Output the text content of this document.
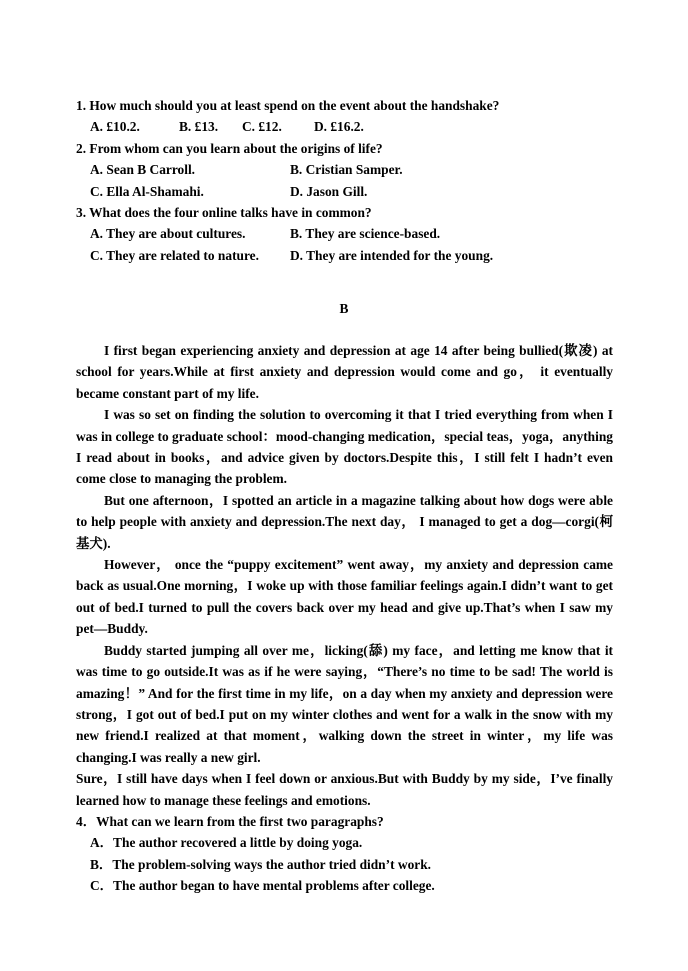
1. How much should you at least spend on the event about the handshake?

A. £10.2.	B. £13. C. £12. D. £16.2.

2. From whom can you learn about the origins of life?

A. Sean B Carroll.	B. Cristian Samper.

C. Ella Al-Shamahi.	D. Jason Gill.

3. What does the four online talks have in common?

A. They are about cultures.	B. They are science-based.

C. They are related to nature. D. They are intended for the young.

B

I first began experiencing anxiety and depression at age 14 after being bullied(欺凌) at school for years.While at first anxiety and depression would come and go， it eventually became constant part of my life.

I was so set on finding the solution to overcoming it that I tried everything from when I was in college to graduate school：mood-changing medication，special teas，yoga，anything I read about in books，and advice given by doctors.Despite this，I still felt I hadn’t even come close to managing the problem.

But one afternoon，I spotted an article in a magazine talking about how dogs were able to help people with anxiety and depression.The next day， I managed to get a dog—corgi(柯基犬).

However， once the “puppy excitement” went away，my anxiety and depression came back as usual.One morning，I woke up with those familiar feelings again.I didn’t want to get out of bed.I turned to pull the covers back over my head and give up.That’s when I saw my pet—Buddy.

Buddy started jumping all over me，licking(舔) my face，and letting me know that it was time to go outside.It was as if he were saying，“There’s no time to be sad! The world is amazing！” And for the first time in my life，on a day when my anxiety and depression were strong，I got out of bed.I put on my winter clothes and went for a walk in the snow with my new friend.I realized at that moment，walking down the street in winter，my life was changing.I was really a new girl.

Sure，I still have days when I feel down or anxious.But with Buddy by my side，I’ve finally learned how to manage these feelings and emotions.

4．What can we learn from the first two paragraphs?

A．The author recovered a little by doing yoga.

B．The problem-solving ways the author tried didn’t work.

C．The author began to have mental problems after college.
